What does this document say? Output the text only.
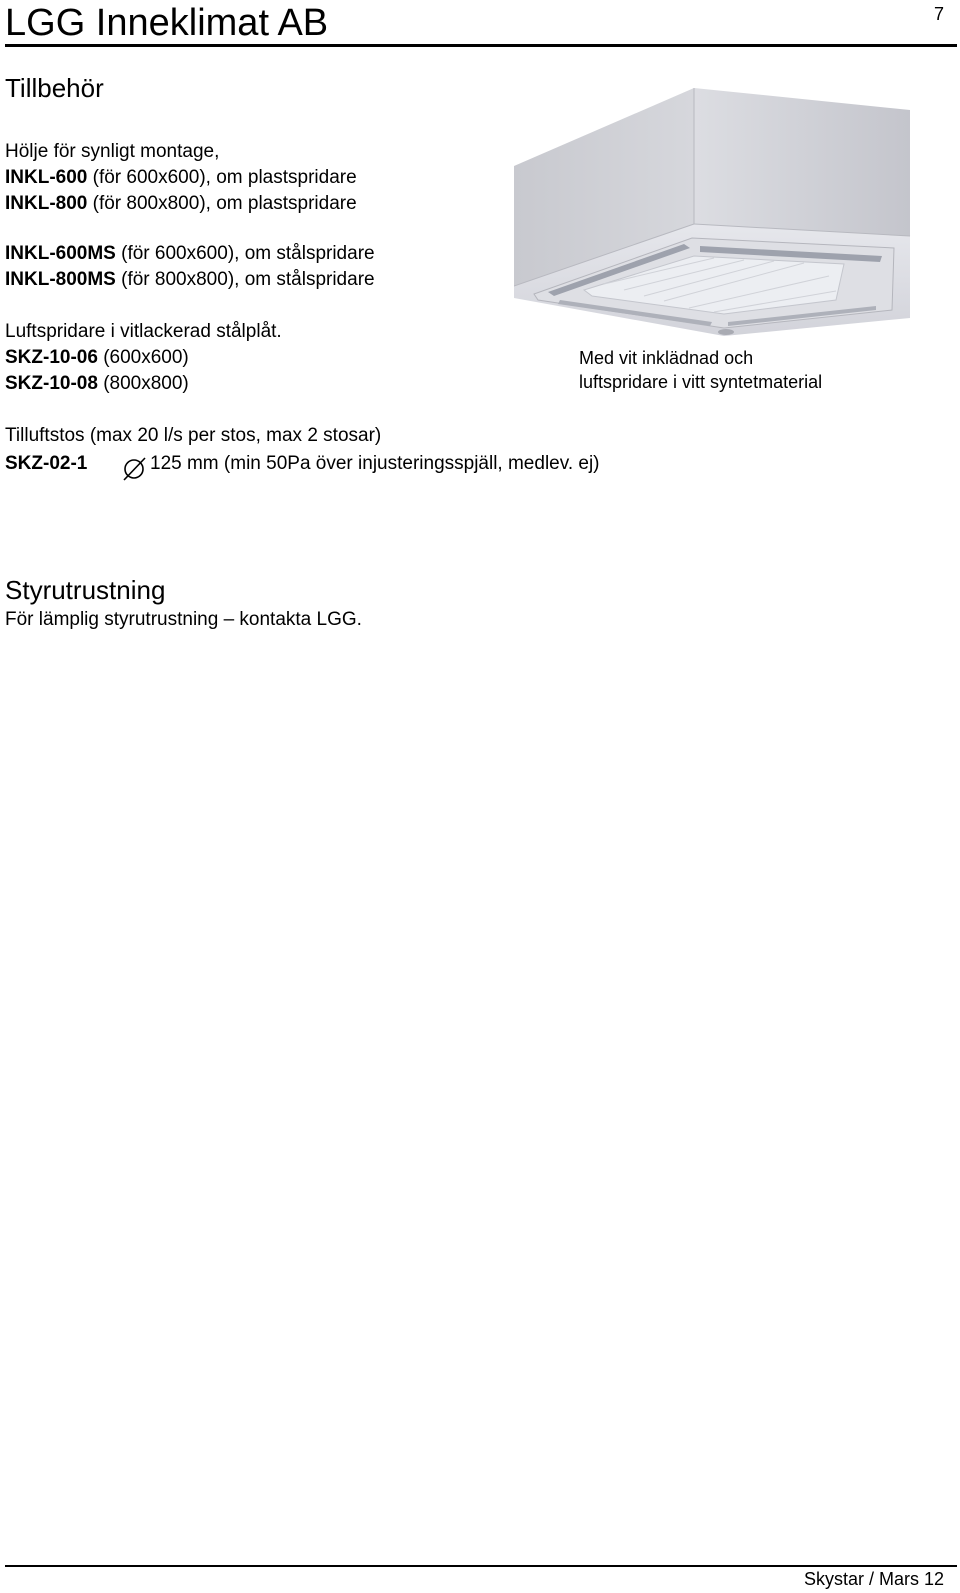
LGG Inneklimat AB	7
Tillbehör
Hölje för synligt montage,
INKL-600 (för 600x600), om plastspridare
INKL-800 (för 800x800), om plastspridare
INKL-600MS (för 600x600), om stålspridare
INKL-800MS (för 800x800), om stålspridare
Luftspridare i vitlackerad stålplåt.
SKZ-10-06 (600x600)
SKZ-10-08 (800x800)
Med vit inklädnad och
luftspridare i vitt syntetmaterial
Tilluftstos (max 20 l/s per stos, max 2 stosar)
SKZ-02-1	125 mm (min 50Pa över injusteringsspjäll, medlev. ej)
Styrutrustning
För lämplig styrutrustning – kontakta LGG.
Skystar / Mars 12
